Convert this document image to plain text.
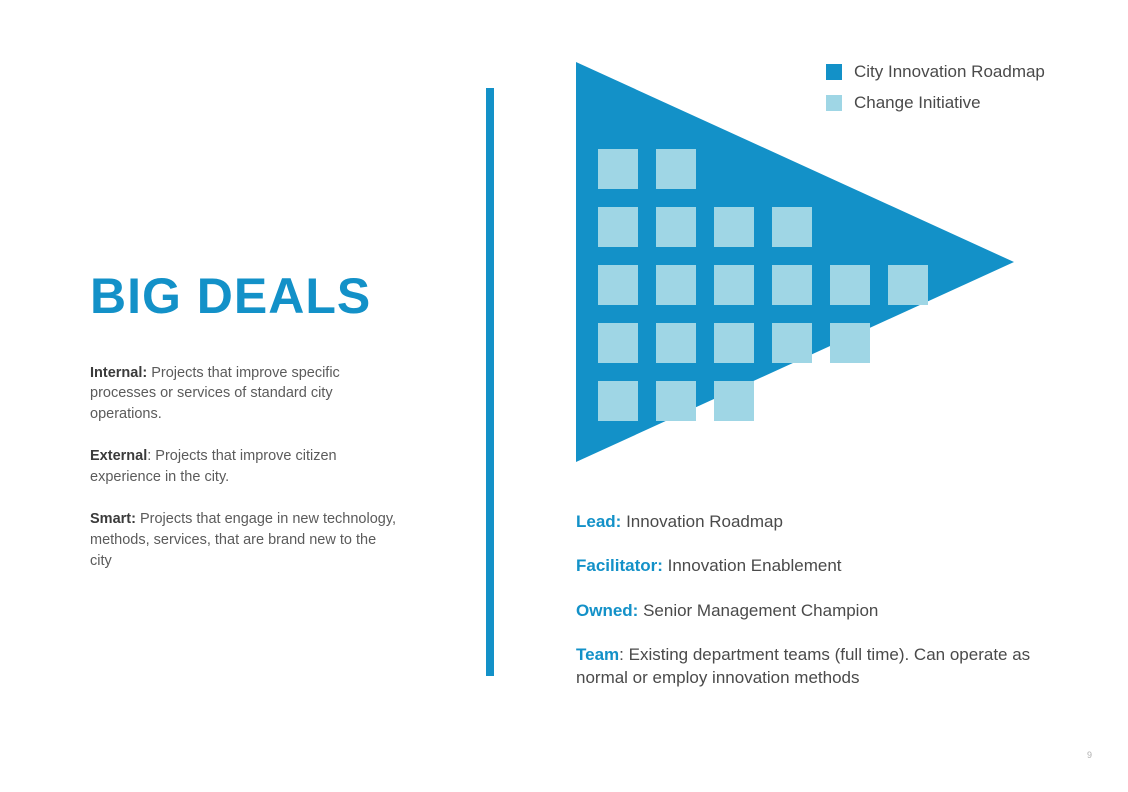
BIG DEALS

Internal: Projects that improve specific processes or services of standard city operations.

External: Projects that improve citizen experience in the city.

Smart: Projects that engage in new technology, methods, services, that are brand new to the city

City Innovation Roadmap
Change Initiative

Lead: Innovation Roadmap

Facilitator: Innovation Enablement

Owned: Senior Management Champion

Team: Existing department teams (full time). Can operate as normal or employ innovation methods

9
